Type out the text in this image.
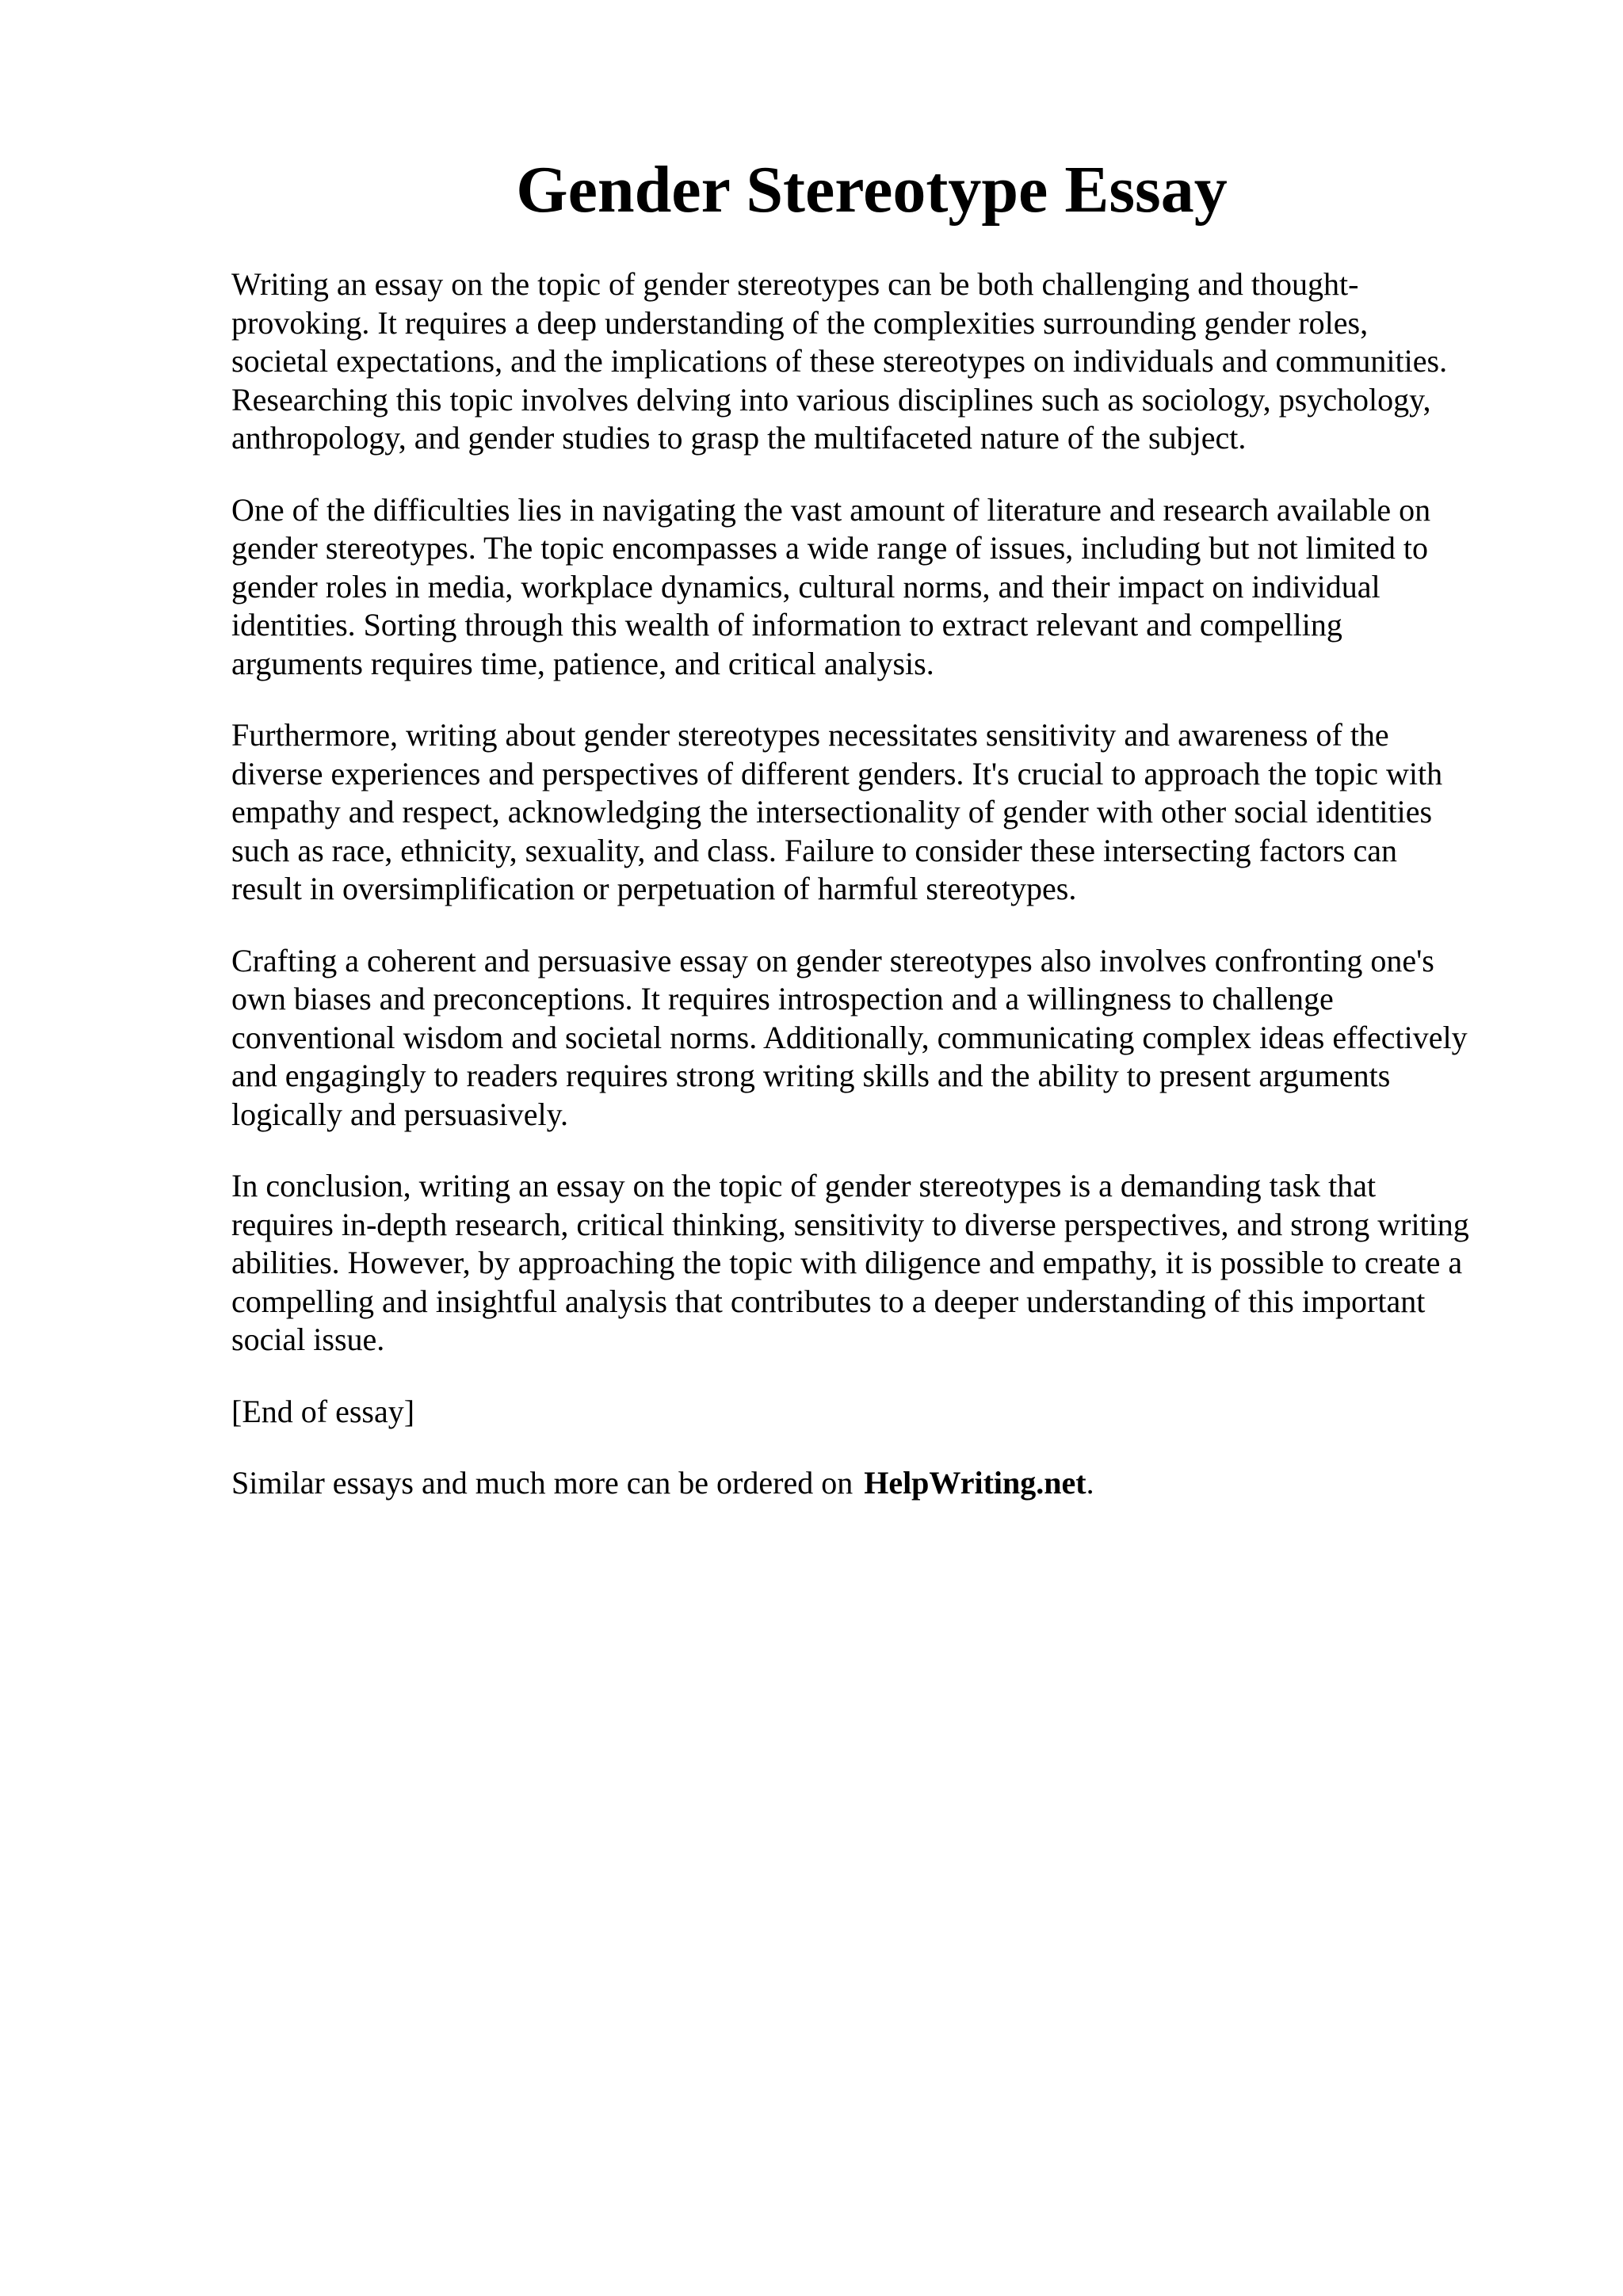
Gender Stereotype Essay

Writing an essay on the topic of gender stereotypes can be both challenging and thought-
provoking. It requires a deep understanding of the complexities surrounding gender roles,
societal expectations, and the implications of these stereotypes on individuals and communities.
Researching this topic involves delving into various disciplines such as sociology, psychology,
anthropology, and gender studies to grasp the multifaceted nature of the subject.

One of the difficulties lies in navigating the vast amount of literature and research available on
gender stereotypes. The topic encompasses a wide range of issues, including but not limited to
gender roles in media, workplace dynamics, cultural norms, and their impact on individual
identities. Sorting through this wealth of information to extract relevant and compelling
arguments requires time, patience, and critical analysis.

Furthermore, writing about gender stereotypes necessitates sensitivity and awareness of the
diverse experiences and perspectives of different genders. It's crucial to approach the topic with
empathy and respect, acknowledging the intersectionality of gender with other social identities
such as race, ethnicity, sexuality, and class. Failure to consider these intersecting factors can
result in oversimplification or perpetuation of harmful stereotypes.

Crafting a coherent and persuasive essay on gender stereotypes also involves confronting one's
own biases and preconceptions. It requires introspection and a willingness to challenge
conventional wisdom and societal norms. Additionally, communicating complex ideas effectively
and engagingly to readers requires strong writing skills and the ability to present arguments
logically and persuasively.

In conclusion, writing an essay on the topic of gender stereotypes is a demanding task that
requires in-depth research, critical thinking, sensitivity to diverse perspectives, and strong writing
abilities. However, by approaching the topic with diligence and empathy, it is possible to create a
compelling and insightful analysis that contributes to a deeper understanding of this important
social issue.

[End of essay]

Similar essays and much more can be ordered on HelpWriting.net.
